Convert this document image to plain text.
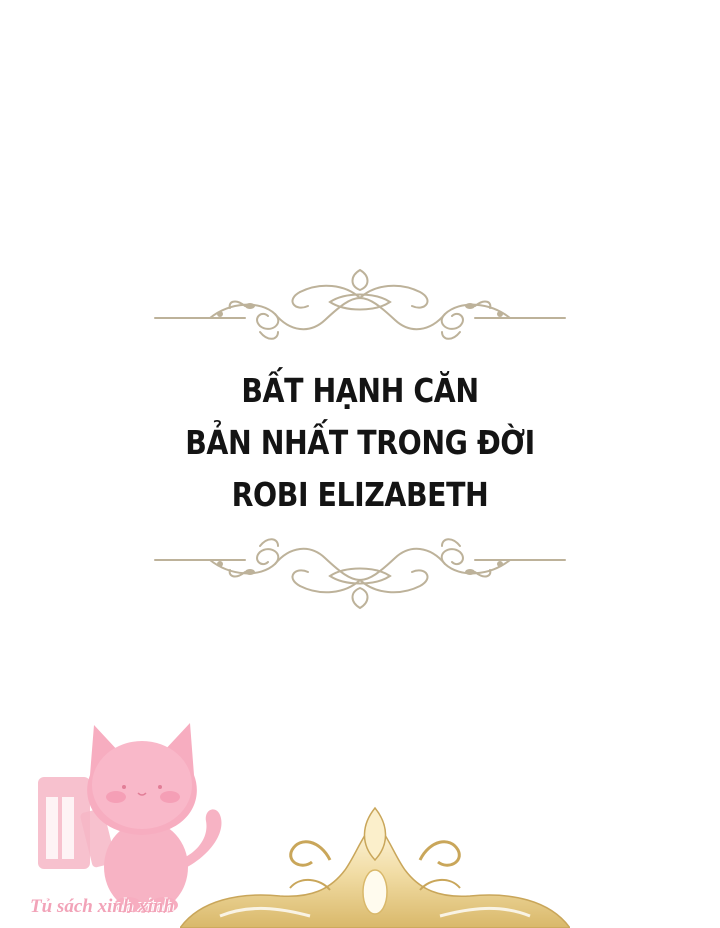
BẤT HẠNH CĂN
BẢN NHẤT TRONG ĐỜI
ROBI ELIZABETH
Tủ sách xinh xinh
